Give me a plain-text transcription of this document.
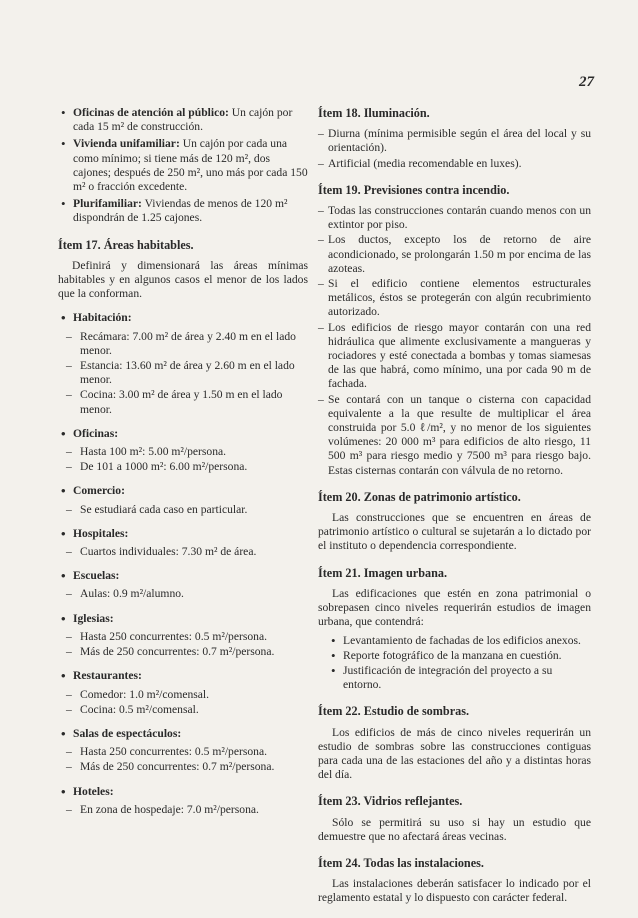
27
• Oficinas de atención al público: Un cajón por cada 15 m² de construcción.
• Vivienda unifamiliar: Un cajón por cada una como mínimo; si tiene más de 120 m², dos cajones; después de 250 m², uno más por cada 150 m² o fracción excedente.
• Plurifamiliar: Viviendas de menos de 120 m² dispondrán de 1.25 cajones.
Ítem 17. Áreas habitables.

Definirá y dimensionará las áreas mínimas habitables y en algunos casos el menor de los lados que la conforman.

• Habitación:
– Recámara: 7.00 m² de área y 2.40 m en el lado menor.
– Estancia: 13.60 m² de área y 2.60 m en el lado menor.
– Cocina: 3.00 m² de área y 1.50 m en el lado menor.
• Oficinas:
– Hasta 100 m²: 5.00 m²/persona.
– De 101 a 1000 m²: 6.00 m²/persona.
• Comercio:
– Se estudiará cada caso en particular.
• Hospitales:
– Cuartos individuales: 7.30 m² de área.
• Escuelas:
– Aulas: 0.9 m²/alumno.
• Iglesias:
– Hasta 250 concurrentes: 0.5 m²/persona.
– Más de 250 concurrentes: 0.7 m²/persona.
• Restaurantes:
– Comedor: 1.0 m²/comensal.
– Cocina: 0.5 m²/comensal.
• Salas de espectáculos:
– Hasta 250 concurrentes: 0.5 m²/persona.
– Más de 250 concurrentes: 0.7 m²/persona.
• Hoteles:
– En zona de hospedaje: 7.0 m²/persona.
Ítem 18. Iluminación.
– Diurna (mínima permisible según el área del local y su orientación).
– Artificial (media recomendable en luxes).
Ítem 19. Previsiones contra incendio.
– Todas las construcciones contarán cuando menos con un extintor por piso.
– Los ductos, excepto los de retorno de aire acondicionado, se prolongarán 1.50 m por encima de las azoteas.
– Si el edificio contiene elementos estructurales metálicos, éstos se protegerán con algún recubrimiento autorizado.
– Los edificios de riesgo mayor contarán con una red hidráulica que alimente exclusivamente a mangueras y rociadores y esté conectada a bombas y tomas siamesas de las que habrá, como mínimo, una por cada 90 m de fachada.
– Se contará con un tanque o cisterna con capacidad equivalente a la que resulte de multiplicar el área construida por 5.0 ℓ/m², y no menor de los siguientes volúmenes: 20 000 m³ para edificios de alto riesgo, 11 500 m³ para riesgo medio y 7500 m³ para riesgo bajo. Estas cisternas contarán con válvula de no retorno.
Ítem 20. Zonas de patrimonio artístico.

Las construcciones que se encuentren en áreas de patrimonio artístico o cultural se sujetarán a lo dictado por el instituto o dependencia correspondiente.

Ítem 21. Imagen urbana.

Las edificaciones que estén en zona patrimonial o sobrepasen cinco niveles requerirán estudios de imagen urbana, que contendrá:

• Levantamiento de fachadas de los edificios anexos.
• Reporte fotográfico de la manzana en cuestión.
• Justificación de integración del proyecto a su entorno.
Ítem 22. Estudio de sombras.

Los edificios de más de cinco niveles requerirán un estudio de sombras sobre las construcciones contiguas para cada una de las estaciones del año y a distintas horas del día.

Ítem 23. Vidrios reflejantes.

Sólo se permitirá su uso si hay un estudio que demuestre que no afectará áreas vecinas.

Ítem 24. Todas las instalaciones.

Las instalaciones deberán satisfacer lo indicado por el reglamento estatal y lo dispuesto con carácter federal.
